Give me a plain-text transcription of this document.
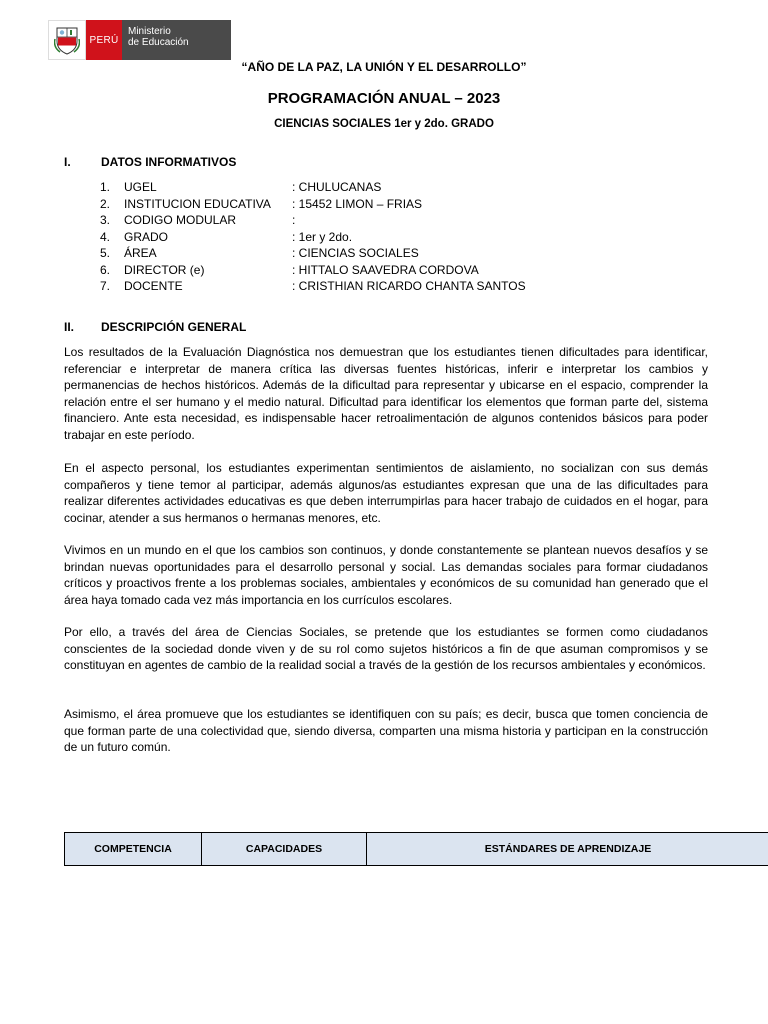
PERÚ
Ministerio
de Educación
“AÑO DE LA PAZ, LA UNIÓN Y EL DESARROLLO”
PROGRAMACIÓN ANUAL – 2023
CIENCIAS SOCIALES 1er y 2do. GRADO
I.	DATOS INFORMATIVOS
1. UGEL	: CHULUCANAS
2. INSTITUCION EDUCATIVA : 15452 LIMON – FRIAS
3. CODIGO MODULAR	:
4. GRADO	: 1er y 2do.
5. ÁREA	: CIENCIAS SOCIALES
6. DIRECTOR (e)	: HITTALO SAAVEDRA CORDOVA
7. DOCENTE	: CRISTHIAN RICARDO CHANTA SANTOS
II. DESCRIPCIÓN GENERAL

Los resultados de la Evaluación Diagnóstica nos demuestran que los estudiantes tienen dificultades para identificar, referenciar e interpretar de manera crítica las diversas fuentes históricas, inferir e interpretar los cambios y permanencias de hechos históricos. Además de la dificultad para representar y ubicarse en el espacio, comprender la relación entre el ser humano y el medio natural. Dificultad para identificar los elementos que forman parte del, sistema financiero. Ante esta necesidad, es indispensable hacer retroalimentación de algunos contenidos básicos para poder trabajar en este período.

En el aspecto personal, los estudiantes experimentan sentimientos de aislamiento, no socializan con sus demás compañeros y tiene temor al participar, además algunos/as estudiantes expresan que una de las dificultades para realizar diferentes actividades educativas es que deben interrumpirlas para hacer trabajo de cuidados en el hogar, para cocinar, atender a sus hermanos o hermanas menores, etc.

Vivimos en un mundo en el que los cambios son continuos, y donde constantemente se plantean nuevos desafíos y se brindan nuevas oportunidades para el desarrollo personal y social. Las demandas sociales para formar ciudadanos críticos y proactivos frente a los problemas sociales, ambientales y económicos de su comunidad han generado que el área haya tomado cada vez más importancia en los currículos escolares.

Por ello, a través del área de Ciencias Sociales, se pretende que los estudiantes se formen como ciudadanos conscientes de la sociedad donde viven y de su rol como sujetos históricos a fin de que asuman compromisos y se constituyan en agentes de cambio de la realidad social a través de la gestión de los recursos ambientales y económicos.

Asimismo, el área promueve que los estudiantes se identifiquen con su país; es decir, busca que tomen conciencia de que forman parte de una colectividad que, siendo diversa, comparten una misma historia y participan en la construcción de un futuro común.

COMPETENCIA	CAPACIDADES	ESTÁNDARES DE APRENDIZAJE
